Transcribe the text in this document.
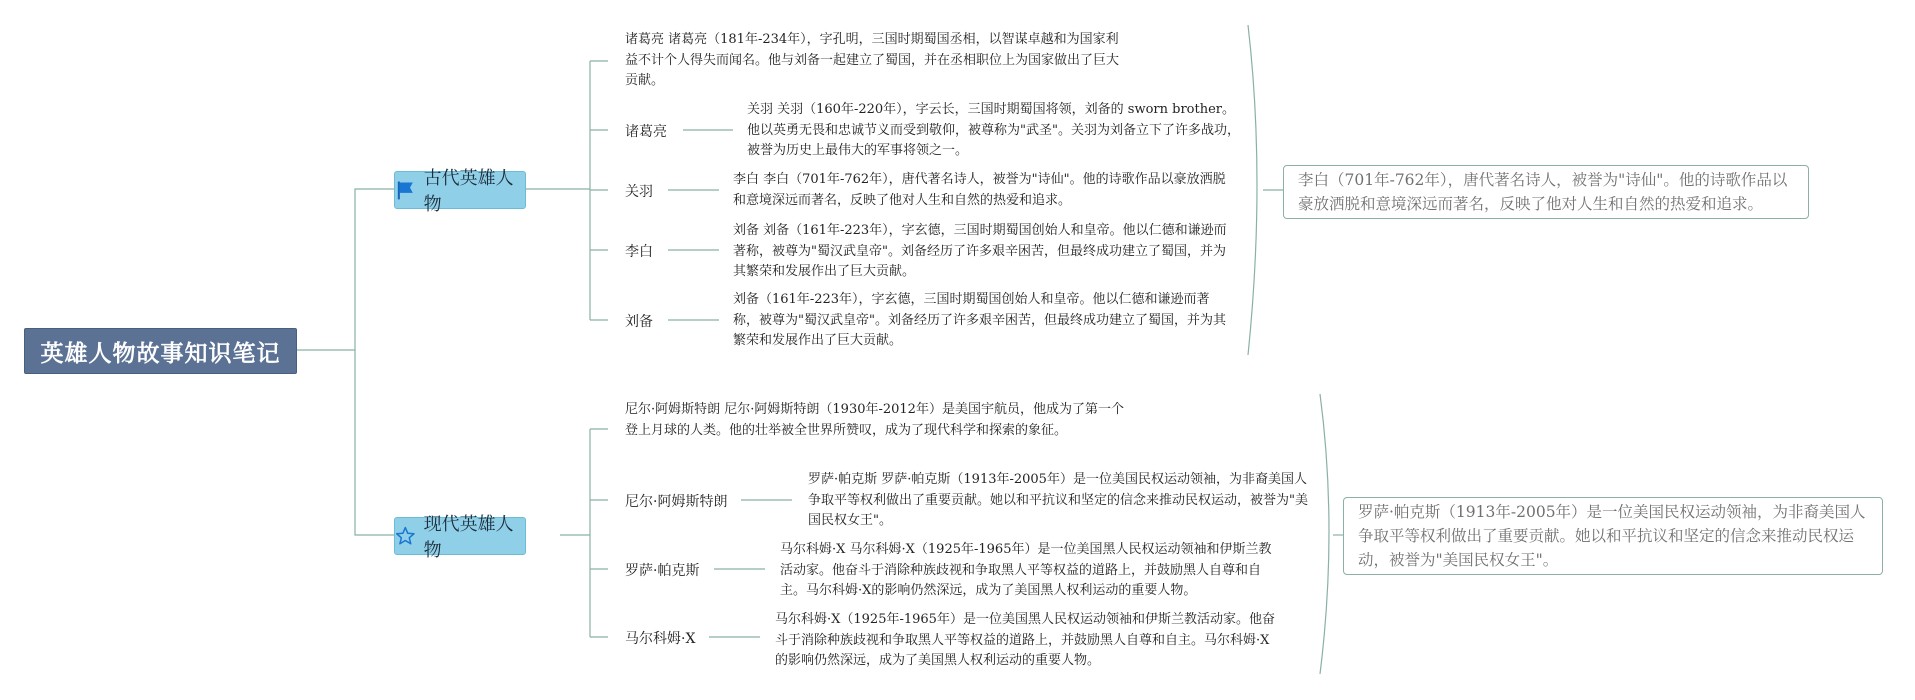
英雄人物故事知识笔记
古代英雄人物
现代英雄人物
诸葛亮
关羽
李白
刘备
诸葛亮 诸葛亮（181年-234年），字孔明，三国时期蜀国丞相，以智谋卓越和为国家利益不计个人得失而闻名。他与刘备一起建立了蜀国，并在丞相职位上为国家做出了巨大贡献。
关羽 关羽（160年-220年），字云长，三国时期蜀国将领，刘备的 sworn brother。他以英勇无畏和忠诚节义而受到敬仰，被尊称为"武圣"。关羽为刘备立下了许多战功，被誉为历史上最伟大的军事将领之一。
李白 李白（701年-762年），唐代著名诗人，被誉为"诗仙"。他的诗歌作品以豪放洒脱和意境深远而著名，反映了他对人生和自然的热爱和追求。
刘备 刘备（161年-223年），字玄德，三国时期蜀国创始人和皇帝。他以仁德和谦逊而著称，被尊为"蜀汉武皇帝"。刘备经历了许多艰辛困苦，但最终成功建立了蜀国，并为其繁荣和发展作出了巨大贡献。
刘备（161年-223年），字玄德，三国时期蜀国创始人和皇帝。他以仁德和谦逊而著称，被尊为"蜀汉武皇帝"。刘备经历了许多艰辛困苦，但最终成功建立了蜀国，并为其繁荣和发展作出了巨大贡献。
尼尔·阿姆斯特朗
罗萨·帕克斯
马尔科姆·X
尼尔·阿姆斯特朗 尼尔·阿姆斯特朗（1930年-2012年）是美国宇航员，他成为了第一个登上月球的人类。他的壮举被全世界所赞叹，成为了现代科学和探索的象征。
罗萨·帕克斯 罗萨·帕克斯（1913年-2005年）是一位美国民权运动领袖，为非裔美国人争取平等权利做出了重要贡献。她以和平抗议和坚定的信念来推动民权运动，被誉为"美国民权女王"。
马尔科姆·X 马尔科姆·X（1925年-1965年）是一位美国黑人民权运动领袖和伊斯兰教活动家。他奋斗于消除种族歧视和争取黑人平等权益的道路上，并鼓励黑人自尊和自主。马尔科姆·X的影响仍然深远，成为了美国黑人权利运动的重要人物。
马尔科姆·X（1925年-1965年）是一位美国黑人民权运动领袖和伊斯兰教活动家。他奋斗于消除种族歧视和争取黑人平等权益的道路上，并鼓励黑人自尊和自主。马尔科姆·X的影响仍然深远，成为了美国黑人权利运动的重要人物。
李白（701年-762年），唐代著名诗人，被誉为"诗仙"。他的诗歌作品以豪放洒脱和意境深远而著名，反映了他对人生和自然的热爱和追求。
罗萨·帕克斯（1913年-2005年）是一位美国民权运动领袖，为非裔美国人争取平等权利做出了重要贡献。她以和平抗议和坚定的信念来推动民权运动，被誉为"美国民权女王"。
